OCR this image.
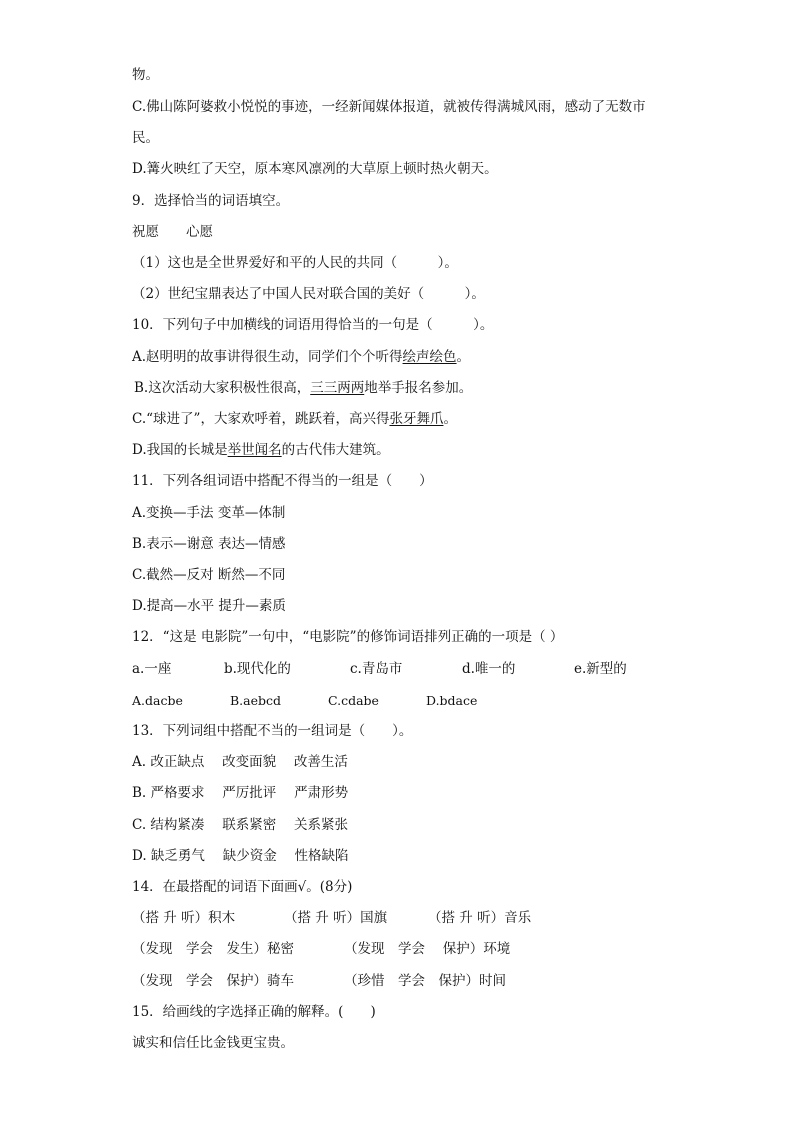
物。
C.佛山陈阿婆救小悦悦的事迹，一经新闻媒体报道，就被传得满城风雨，感动了无数市
民。
D.篝火映红了天空，原本寒风凛冽的大草原上顿时热火朝天。
9．选择恰当的词语填空。
祝愿　　心愿
（1）这也是全世界爱好和平的人民的共同（　　　）。
（2）世纪宝鼎表达了中国人民对联合国的美好（　　　）。
10．下列句子中加横线的词语用得恰当的一句是（　　　）。
A.赵明明的故事讲得很生动，同学们个个听得绘声绘色。
B.这次活动大家积极性很高，三三两两地举手报名参加。
C.“球进了”，大家欢呼着，跳跃着，高兴得张牙舞爪。
D.我国的长城是举世闻名的古代伟大建筑。
11．下列各组词语中搭配不得当的一组是（　　）
A.变换—手法 变革—体制
B.表示—谢意 表达—情感
C.截然—反对 断然—不同
D.提高—水平 提升—素质
12．“这是 电影院”一句中，“电影院”的修饰词语排列正确的一项是（ ）
a.一座	b.现代化的	c.青岛市	d.唯一的	e.新型的
A.dacbe	B.aebcd	C.cdabe	D.bdace
13．下列词组中搭配不当的一组词是（　　）。
A. 改正缺点　 改变面貌　 改善生活
B. 严格要求　 严厉批评　 严肃形势
C. 结构紧凑　 联系紧密　 关系紧张
D. 缺乏勇气　 缺少资金　 性格缺陷
14．在最搭配的词语下面画√。(8分)
（搭 升 听）积木	（搭 升 听）国旗	（搭 升 听）音乐
（发现　学会　发生）秘密	（发现　学会　 保护）环境
（发现　学会　保护）骑车	（珍惜　学会　保护）时间
15．给画线的字选择正确的解释。(　　)
诚实和信任比金钱更宝贵。
